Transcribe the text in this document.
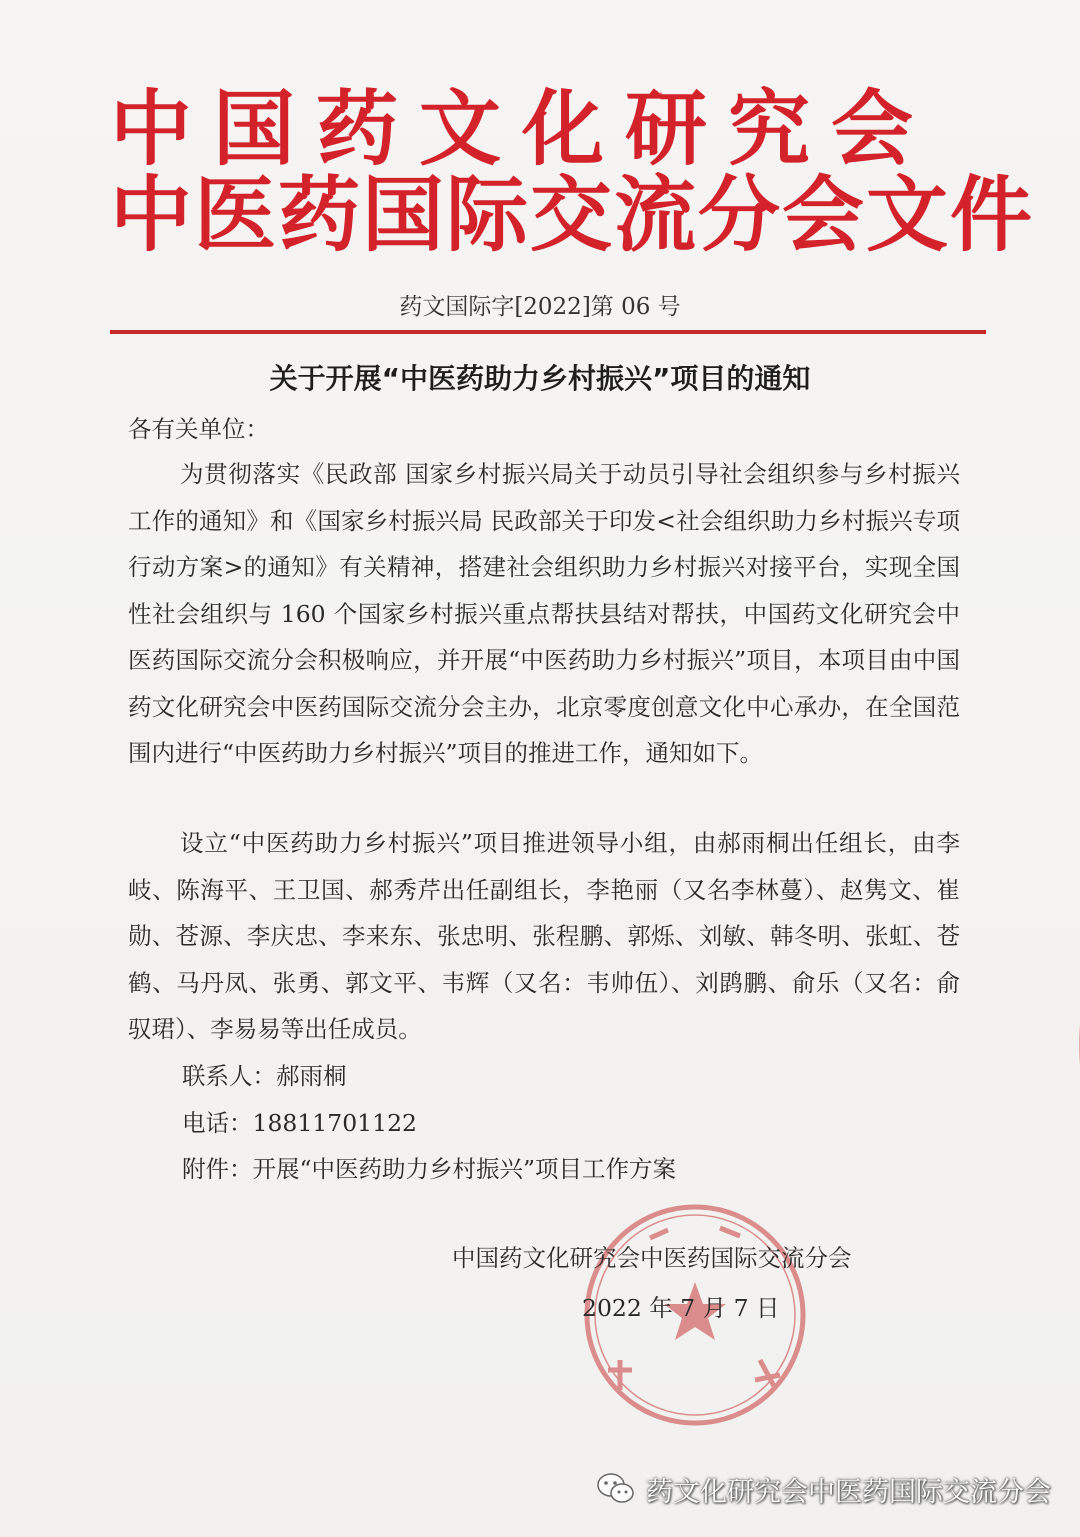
中国药文化研究会
中医药国际交流分会文件
药文国际字[2022]第 06 号
关于开展“中医药助力乡村振兴”项目的通知
各有关单位：
为贯彻落实《民政部 国家乡村振兴局关于动员引导社会组织参与乡村振兴工作的通知》和《国家乡村振兴局 民政部关于印发<社会组织助力乡村振兴专项行动方案>的通知》有关精神，搭建社会组织助力乡村振兴对接平台，实现全国性社会组织与 160 个国家乡村振兴重点帮扶县结对帮扶，中国药文化研究会中医药国际交流分会积极响应，并开展“中医药助力乡村振兴”项目，本项目由中国药文化研究会中医药国际交流分会主办，北京零度创意文化中心承办，在全国范围内进行“中医药助力乡村振兴”项目的推进工作，通知如下。
设立“中医药助力乡村振兴”项目推进领导小组，由郝雨桐出任组长，由李岐、陈海平、王卫国、郝秀芹出任副组长，李艳丽（又名李林蔓）、赵隽文、崔勋、苍源、李庆忠、李来东、张忠明、张程鹏、郭烁、刘敏、韩冬明、张虹、苍鹤、马丹凤、张勇、郭文平、韦辉（又名：韦帅伍）、刘鹍鹏、俞乐（又名：俞驭珺）、李易易等出任成员。
联系人：郝雨桐
电话：18811701122
附件：开展“中医药助力乡村振兴”项目工作方案
中国药文化研究会中医药国际交流分会
2022 年 7 月 7 日
药文化研究会中医药国际交流分会
